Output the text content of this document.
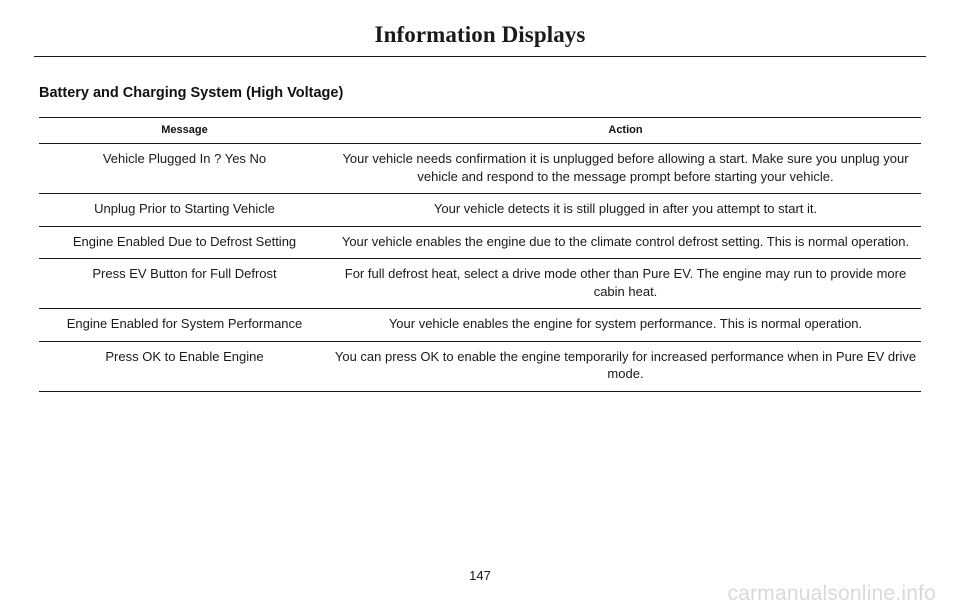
Information Displays
Battery and Charging System (High Voltage)
Message	Action
Vehicle Plugged In ? Yes No	Your vehicle needs confirmation it is unplugged before allowing a start. Make sure you unplug your vehicle and respond to the message prompt before starting your vehicle.
Unplug Prior to Starting Vehicle	Your vehicle detects it is still plugged in after you attempt to start it.
Engine Enabled Due to Defrost Setting	Your vehicle enables the engine due to the climate control defrost setting. This is normal operation.
Press EV Button for Full Defrost	For full defrost heat, select a drive mode other than Pure EV. The engine may run to provide more cabin heat.
Engine Enabled for System Performance	Your vehicle enables the engine for system performance. This is normal operation.
Press OK to Enable Engine	You can press OK to enable the engine temporarily for increased performance when in Pure EV drive mode.
147
carmanualsonline.info
